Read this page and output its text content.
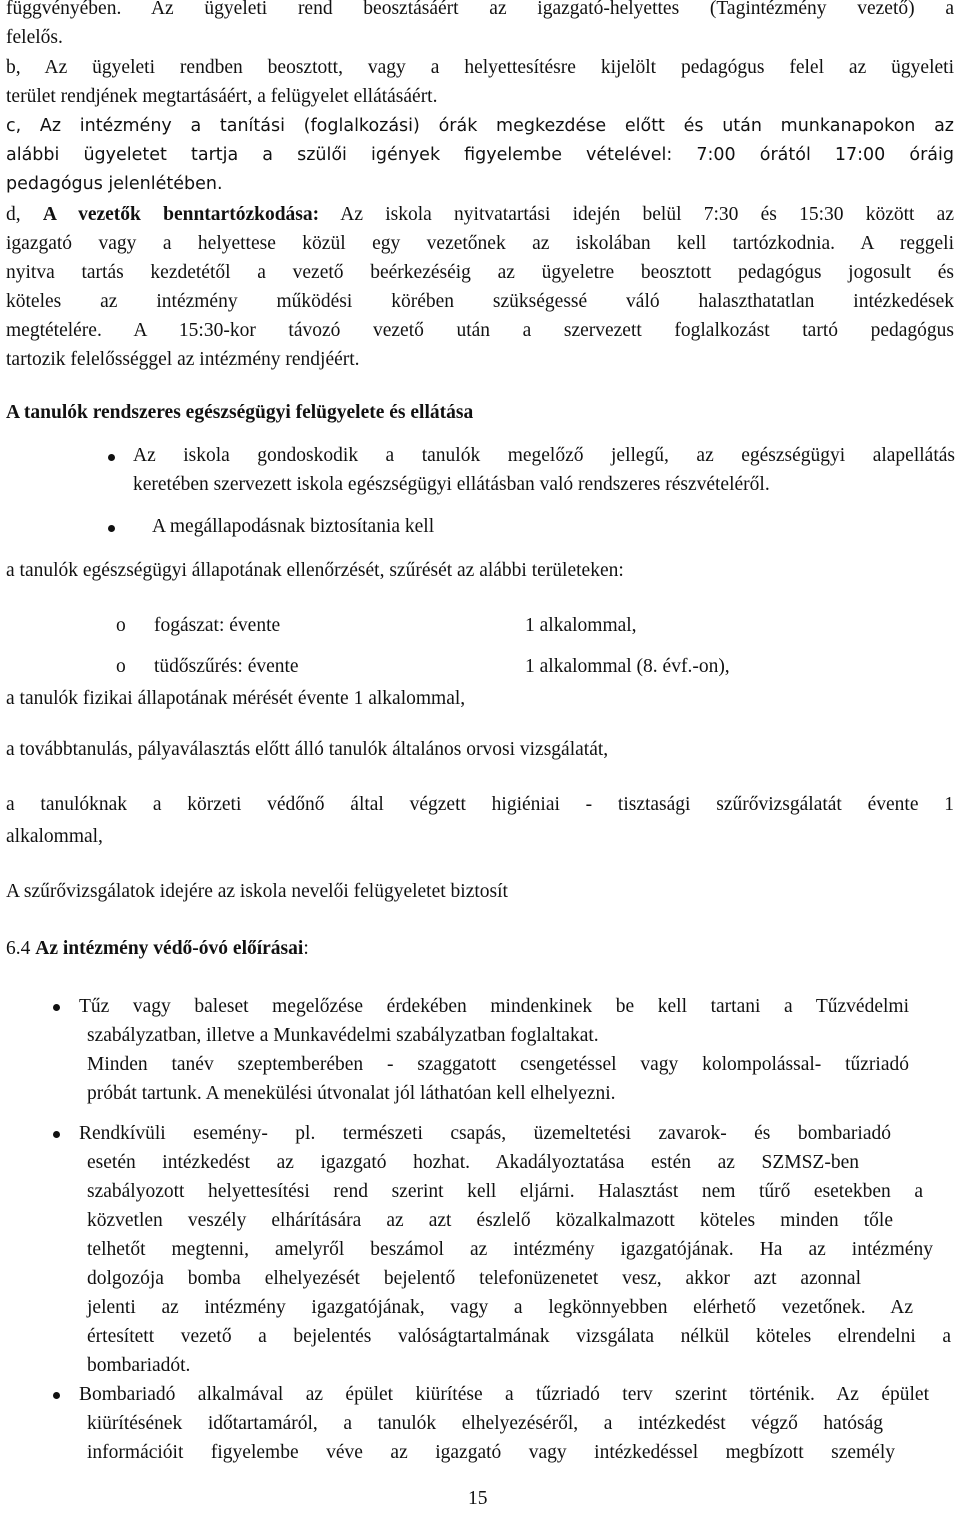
függvényében. Az ügyeleti rend beosztásáért az igazgató-helyettes (Tagintézmény vezető) a
felelős.
b, Az ügyeleti rendben beosztott, vagy a helyettesítésre kijelölt pedagógus felel az ügyeleti
terület rendjének megtartásáért, a felügyelet ellátásáért.
c, Az intézmény a tanítási (foglalkozási) órák megkezdése előtt és után munkanapokon az
alábbi ügyeletet tartja a szülői igények figyelembe vételével: 7:00 órától 17:00 óráig
pedagógus jelenlétében.
d, A vezetők benntartózkodása: Az iskola nyitvatartási idején belül 7:30 és 15:30 között az
igazgató vagy a helyettese közül egy vezetőnek az iskolában kell tartózkodnia. A reggeli
nyitva tartás kezdetétől a vezető beérkezéséig az ügyeletre beosztott pedagógus jogosult és
köteles az intézmény működési körében szükségessé váló halaszthatatlan intézkedések
megtételére. A 15:30-kor távozó vezető után a szervezett foglalkozást tartó pedagógus
tartozik felelősséggel az intézmény rendjéért.
A tanulók rendszeres egészségügyi felügyelete és ellátása
Az iskola gondoskodik a tanulók megelőző jellegű, az egészségügyi alapellátás
keretében szervezett iskola egészségügyi ellátásban való rendszeres részvételéről.
A megállapodásnak biztosítania kell
a tanulók egészségügyi állapotának ellenőrzését, szűrését az alábbi területeken:
o fogászat: évente	1 alkalommal,
o tüdőszűrés: évente	1 alkalommal (8. évf.-on),
a tanulók fizikai állapotának mérését évente 1 alkalommal,
a továbbtanulás, pályaválasztás előtt álló tanulók általános orvosi vizsgálatát,
a tanulóknak a körzeti védőnő által végzett higiéniai - tisztasági szűrővizsgálatát évente 1
alkalommal,
A szűrővizsgálatok idejére az iskola nevelői felügyeletet biztosít
6.4 Az intézmény védő-óvó előírásai:
Tűz vagy baleset megelőzése érdekében mindenkinek be kell tartani a Tűzvédelmi
szabályzatban, illetve a Munkavédelmi szabályzatban foglaltakat.
Minden tanév szeptemberében - szaggatott csengetéssel vagy kolompolással- tűzriadó
próbát tartunk. A menekülési útvonalat jól láthatóan kell elhelyezni.
Rendkívüli esemény- pl. természeti csapás, üzemeltetési zavarok- és bombariadó
esetén intézkedést az igazgató hozhat. Akadályoztatása estén az SZMSZ-ben
szabályozott helyettesítési rend szerint kell eljárni. Halasztást nem tűrő esetekben a
közvetlen veszély elhárítására az azt észlelő közalkalmazott köteles minden tőle
telhetőt megtenni, amelyről beszámol az intézmény igazgatójának. Ha az intézmény
dolgozója bomba elhelyezését bejelentő telefonüzenetet vesz, akkor azt azonnal
jelenti az intézmény igazgatójának, vagy a legkönnyebben elérhető vezetőnek. Az
értesített vezető a bejelentés valóságtartalmának vizsgálata nélkül köteles elrendelni a
bombariadót.
Bombariadó alkalmával az épület kiürítése a tűzriadó terv szerint történik. Az épület
kiürítésének időtartamáról, a tanulók elhelyezéséről, a intézkedést végző hatóság
információit figyelembe véve az igazgató vagy intézkedéssel megbízott személy
15
